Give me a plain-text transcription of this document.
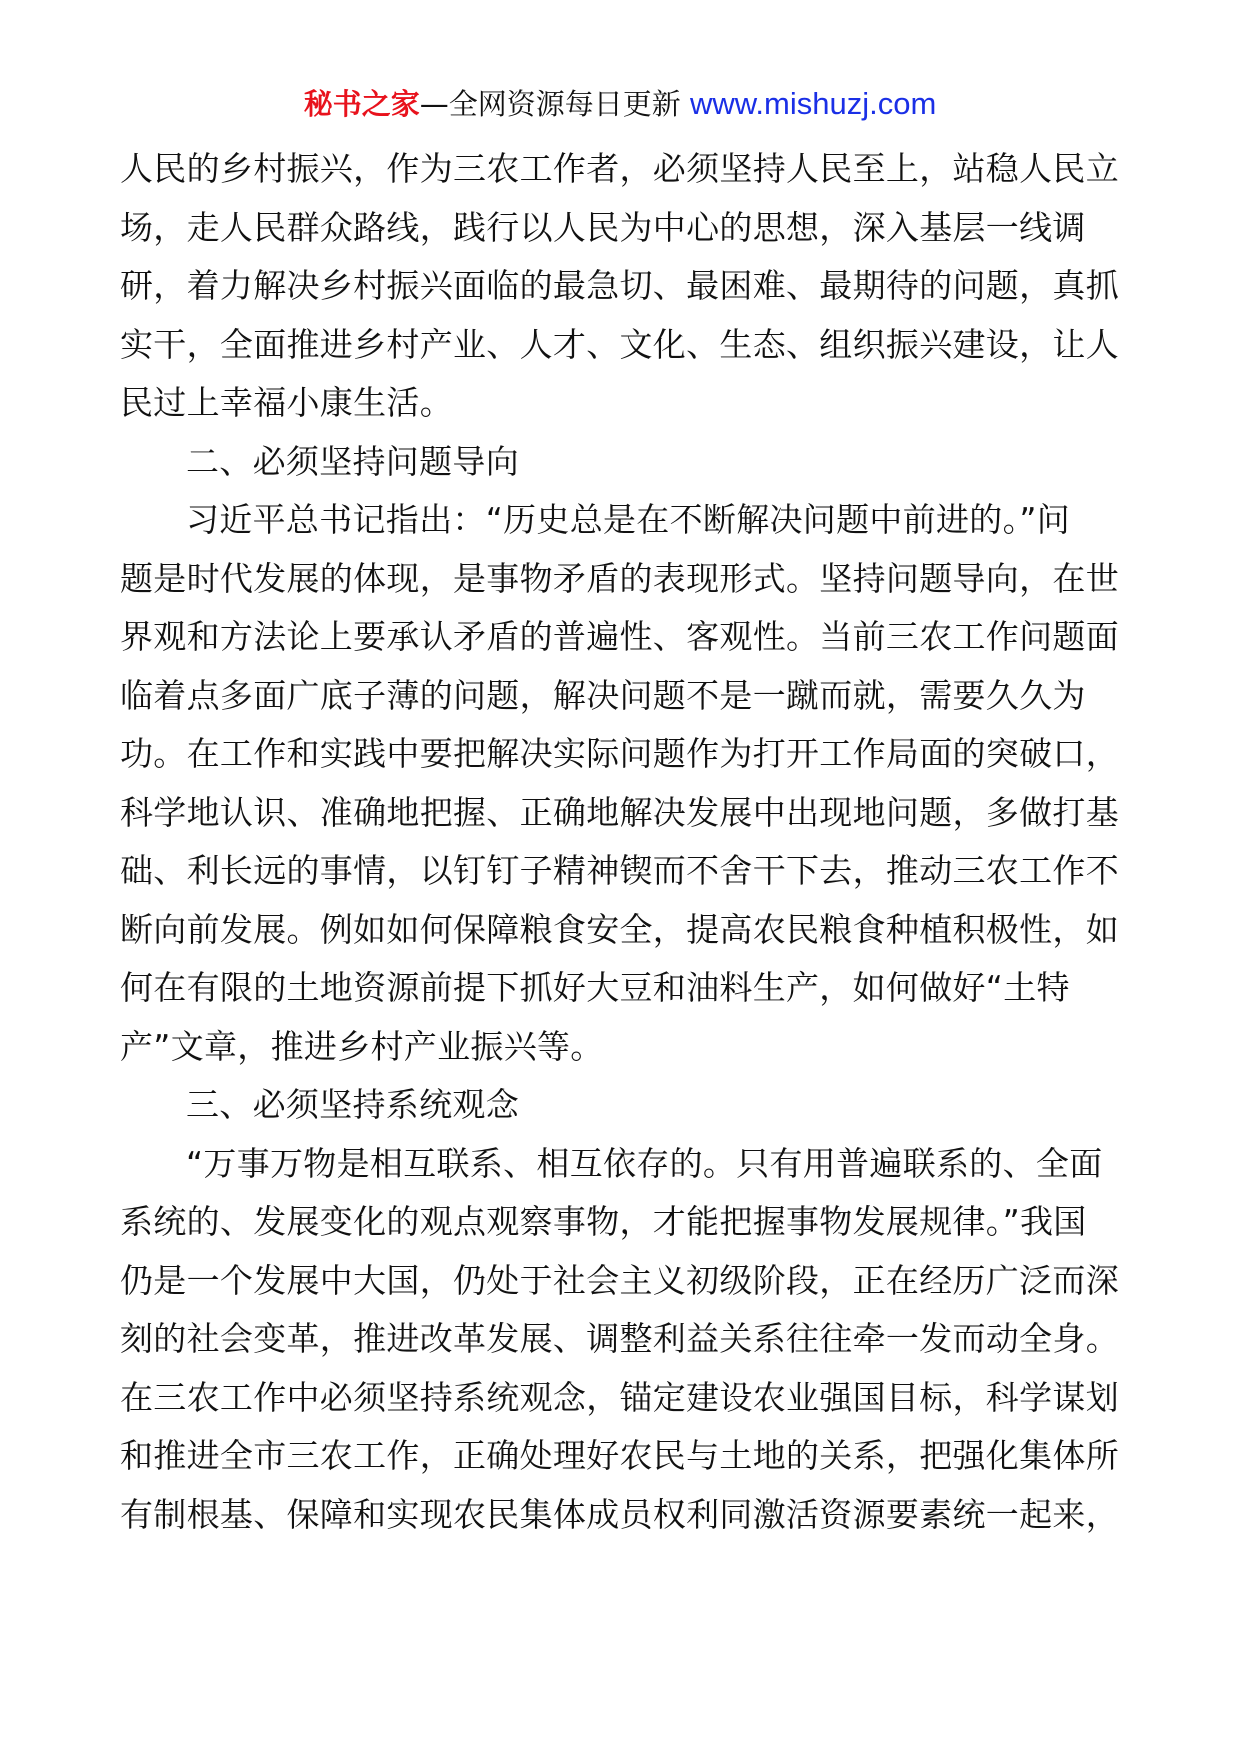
秘书之家—全网资源每日更新 www.mishuzj.com
人民的乡村振兴，作为三农工作者，必须坚持人民至上，站稳人民立
场，走人民群众路线，践行以人民为中心的思想，深入基层一线调
研，着力解决乡村振兴面临的最急切、最困难、最期待的问题，真抓
实干，全面推进乡村产业、人才、文化、生态、组织振兴建设，让人
民过上幸福小康生活。
二、必须坚持问题导向
习近平总书记指出：“历史总是在不断解决问题中前进的。”问
题是时代发展的体现，是事物矛盾的表现形式。坚持问题导向，在世
界观和方法论上要承认矛盾的普遍性、客观性。当前三农工作问题面
临着点多面广底子薄的问题，解决问题不是一蹴而就，需要久久为
功。在工作和实践中要把解决实际问题作为打开工作局面的突破口，
科学地认识、准确地把握、正确地解决发展中出现地问题，多做打基
础、利长远的事情，以钉钉子精神锲而不舍干下去，推动三农工作不
断向前发展。例如如何保障粮食安全，提高农民粮食种植积极性，如
何在有限的土地资源前提下抓好大豆和油料生产，如何做好“土特
产”文章，推进乡村产业振兴等。
三、必须坚持系统观念
“万事万物是相互联系、相互依存的。只有用普遍联系的、全面
系统的、发展变化的观点观察事物，才能把握事物发展规律。”我国
仍是一个发展中大国，仍处于社会主义初级阶段，正在经历广泛而深
刻的社会变革，推进改革发展、调整利益关系往往牵一发而动全身。
在三农工作中必须坚持系统观念，锚定建设农业强国目标，科学谋划
和推进全市三农工作，正确处理好农民与土地的关系，把强化集体所
有制根基、保障和实现农民集体成员权利同激活资源要素统一起来，
